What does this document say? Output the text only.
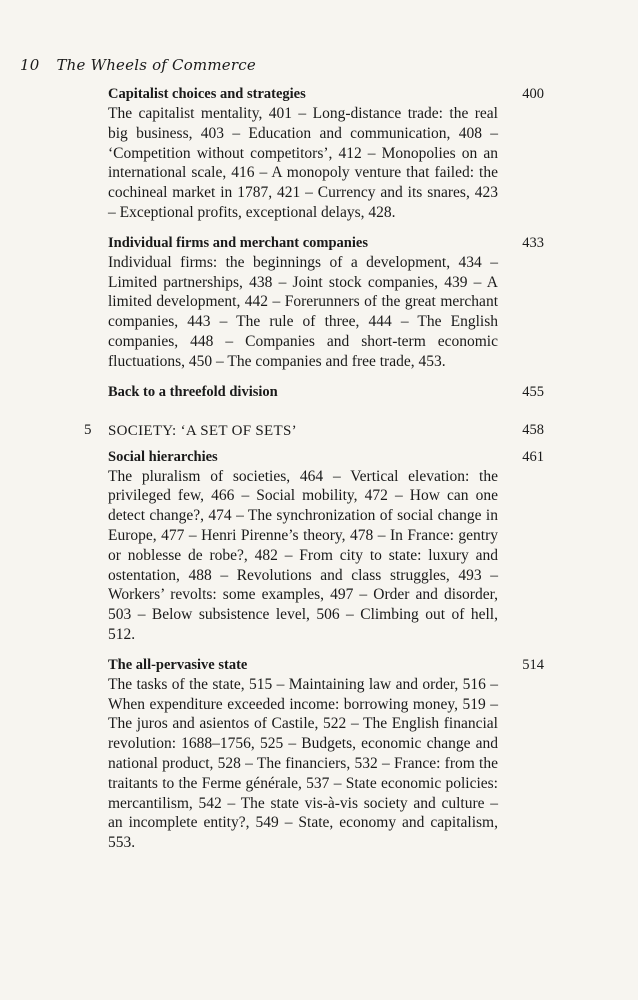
10 The Wheels of Commerce
Capitalist choices and strategies	400
The capitalist mentality, 401 – Long-distance trade: the real big business, 403 – Education and communication, 408 – ‘Competition without competitors’, 412 – Monopolies on an international scale, 416 – A monopoly venture that failed: the cochineal market in 1787, 421 – Currency and its snares, 423 – Exceptional profits, exceptional delays, 428.
Individual firms and merchant companies	433
Individual firms: the beginnings of a development, 434 – Limited partnerships, 438 – Joint stock companies, 439 – A limited development, 442 – Forerunners of the great merchant companies, 443 – The rule of three, 444 – The English companies, 448 – Companies and short-term economic fluctuations, 450 – The companies and free trade, 453.
Back to a threefold division	455
5 SOCIETY: ‘A SET OF SETS’	458
Social hierarchies	461
The pluralism of societies, 464 – Vertical elevation: the privileged few, 466 – Social mobility, 472 – How can one detect change?, 474 – The synchronization of social change in Europe, 477 – Henri Pirenne’s theory, 478 – In France: gentry or noblesse de robe?, 482 – From city to state: luxury and ostentation, 488 – Revolutions and class struggles, 493 – Workers’ revolts: some examples, 497 – Order and disorder, 503 – Below subsistence level, 506 – Climbing out of hell, 512.
The all-pervasive state	514
The tasks of the state, 515 – Maintaining law and order, 516 – When expenditure exceeded income: borrowing money, 519 – The juros and asientos of Castile, 522 – The English financial revolution: 1688–1756, 525 – Budgets, economic change and national product, 528 – The financiers, 532 – France: from the traitants to the Ferme générale, 537 – State economic policies: mercantilism, 542 – The state vis-à-vis society and culture – an incomplete entity?, 549 – State, economy and capitalism, 553.
